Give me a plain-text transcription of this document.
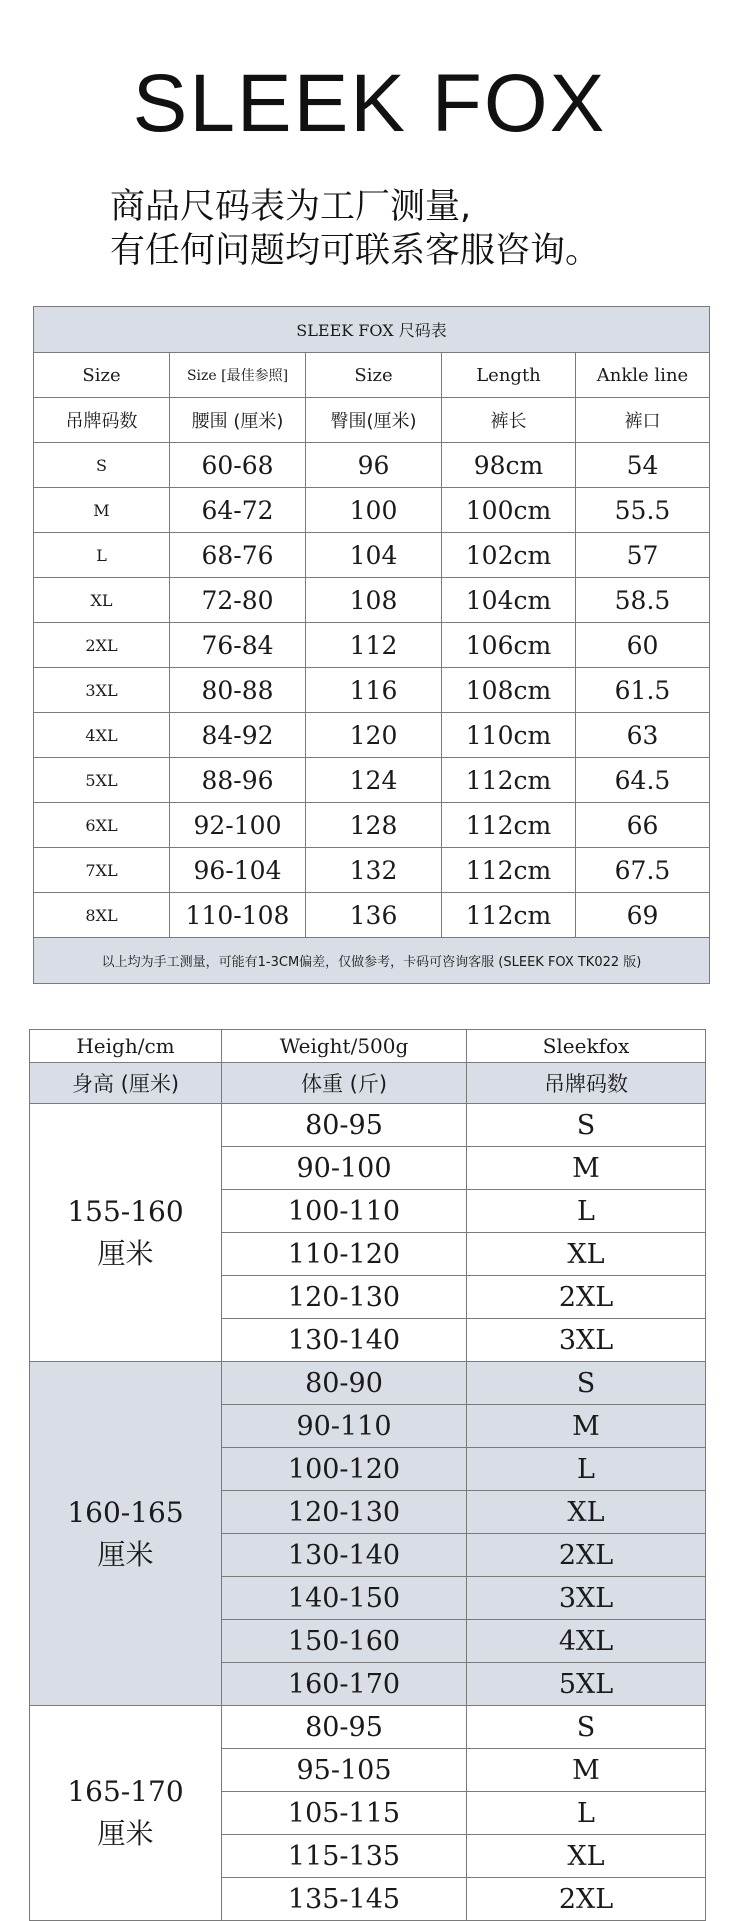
SLEEK FOX
商品尺码表为工厂测量,
有任何问题均可联系客服咨询。
SLEEK FOX 尺码表				
Size	Size [最佳参照]	Size	Length	Ankle line
吊牌码数	腰围 (厘米)	臀围(厘米)	裤长	裤口
S	60-68	96	98cm	54
M	64-72	100	100cm	55.5
L	68-76	104	102cm	57
XL	72-80	108	104cm	58.5
2XL	76-84	112	106cm	60
3XL	80-88	116	108cm	61.5
4XL	84-92	120	110cm	63
5XL	88-96	124	112cm	64.5
6XL	92-100	128	112cm	66
7XL	96-104	132	112cm	67.5
8XL	110-108	136	112cm	69
以上均为手工测量，可能有1-3CM偏差，仅做参考，卡码可咨询客服 (SLEEK FOX TK022 版)				
Heigh/cm	Weight/500g	Sleekfox
身高 (厘米)	体重 (斤)	吊牌码数

155-160
厘米	80-95	S
	90-100	M
	100-110	L
	110-120	XL
	120-130	2XL
	130-140	3XL

160-165
厘米	80-90	S
	90-110	M
	100-120	L
	120-130	XL
	130-140	2XL
	140-150	3XL
	150-160	4XL
	160-170	5XL

165-170
厘米	80-95	S
	95-105	M
	105-115	L
	115-135	XL
	135-145	2XL
